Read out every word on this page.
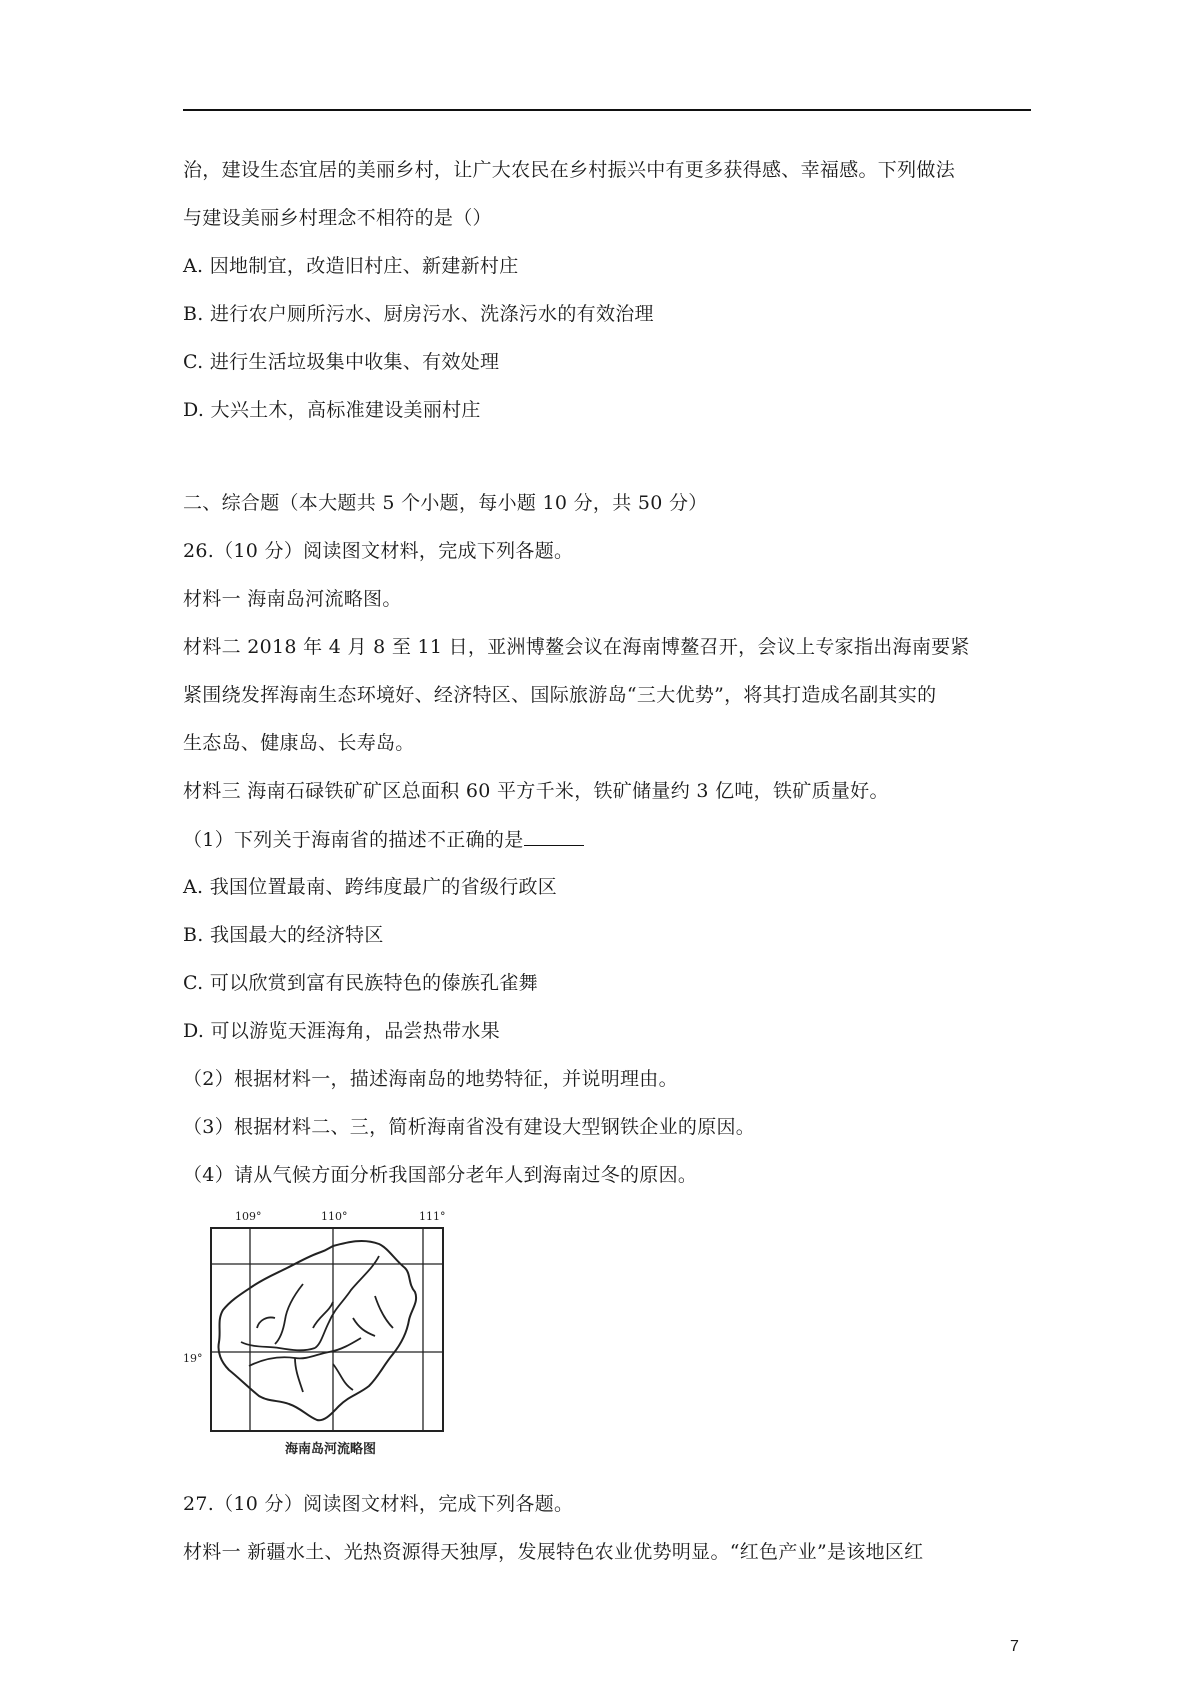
治，建设生态宜居的美丽乡村，让广大农民在乡村振兴中有更多获得感、幸福感。下列做法
与建设美丽乡村理念不相符的是（）
A. 因地制宜，改造旧村庄、新建新村庄
B. 进行农户厕所污水、厨房污水、洗涤污水的有效治理
C. 进行生活垃圾集中收集、有效处理
D. 大兴土木，高标准建设美丽村庄
二、综合题（本大题共 5 个小题，每小题 10 分，共 50 分）
26.（10 分）阅读图文材料，完成下列各题。
材料一 海南岛河流略图。
材料二 2018 年 4 月 8 至 11 日，亚洲博鳌会议在海南博鳌召开，会议上专家指出海南要紧
紧围绕发挥海南生态环境好、经济特区、国际旅游岛“三大优势”，将其打造成名副其实的
生态岛、健康岛、长寿岛。
材料三 海南石碌铁矿矿区总面积 60 平方千米，铁矿储量约 3 亿吨，铁矿质量好。
（1）下列关于海南省的描述不正确的是
A. 我国位置最南、跨纬度最广的省级行政区
B. 我国最大的经济特区
C. 可以欣赏到富有民族特色的傣族孔雀舞
D. 可以游览天涯海角，品尝热带水果
（2）根据材料一，描述海南岛的地势特征，并说明理由。
（3）根据材料二、三，简析海南省没有建设大型钢铁企业的原因。
（4）请从气候方面分析我国部分老年人到海南过冬的原因。
109°	110°	111°
19°
海南岛河流略图
27.（10 分）阅读图文材料，完成下列各题。
材料一 新疆水土、光热资源得天独厚，发展特色农业优势明显。“红色产业”是该地区红
7
